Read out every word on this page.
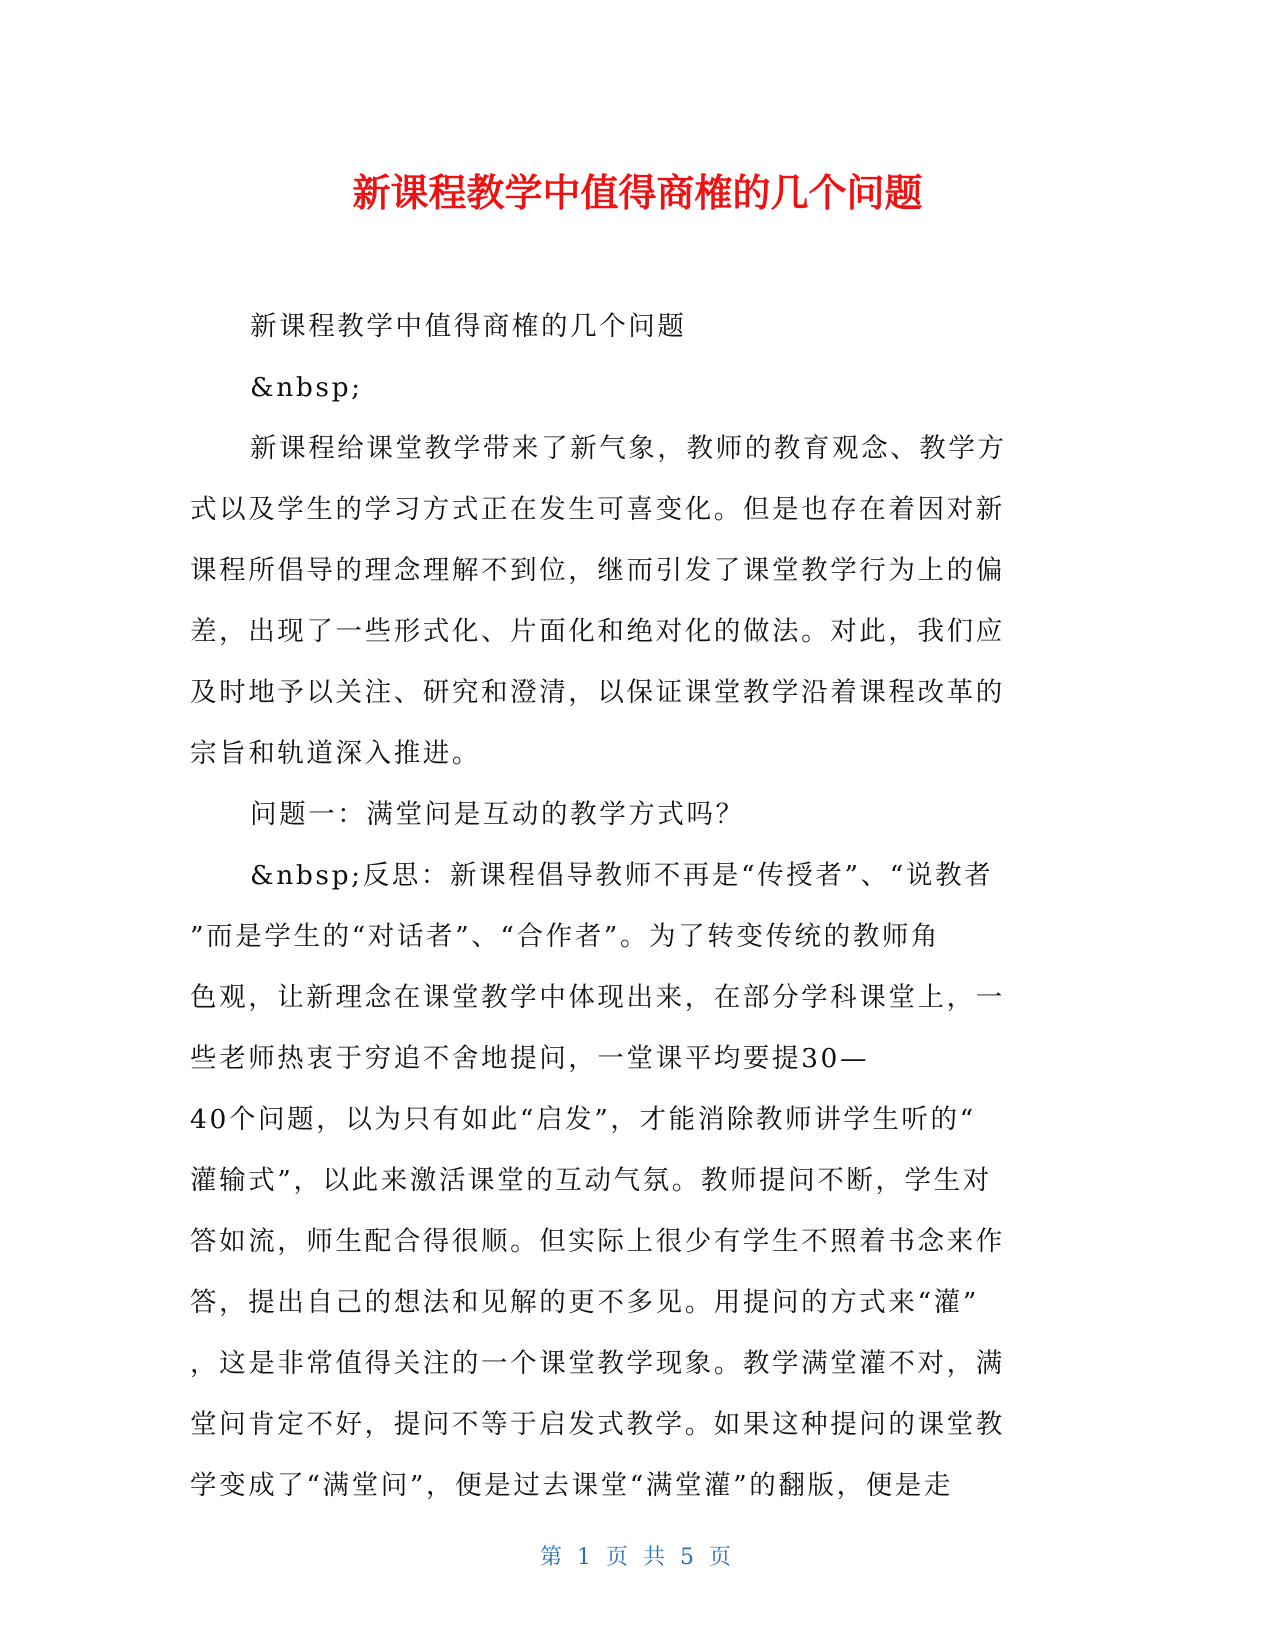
新课程教学中值得商榷的几个问题
新课程教学中值得商榷的几个问题
&nbsp;
新课程给课堂教学带来了新气象，教师的教育观念、教学方
式以及学生的学习方式正在发生可喜变化。但是也存在着因对新
课程所倡导的理念理解不到位，继而引发了课堂教学行为上的偏
差，出现了一些形式化、片面化和绝对化的做法。对此，我们应
及时地予以关注、研究和澄清，以保证课堂教学沿着课程改革的
宗旨和轨道深入推进。
问题一：满堂问是互动的教学方式吗？
&nbsp;反思：新课程倡导教师不再是“传授者”、“说教者
”而是学生的“对话者”、“合作者”。为了转变传统的教师角
色观，让新理念在课堂教学中体现出来，在部分学科课堂上，一
些老师热衷于穷追不舍地提问，一堂课平均要提30—
40个问题，以为只有如此“启发”，才能消除教师讲学生听的“
灌输式”，以此来激活课堂的互动气氛。教师提问不断，学生对
答如流，师生配合得很顺。但实际上很少有学生不照着书念来作
答，提出自己的想法和见解的更不多见。用提问的方式来“灌”
，这是非常值得关注的一个课堂教学现象。教学满堂灌不对，满
堂问肯定不好，提问不等于启发式教学。如果这种提问的课堂教
学变成了“满堂问”，便是过去课堂“满堂灌”的翻版，便是走
第 1 页 共 5 页
